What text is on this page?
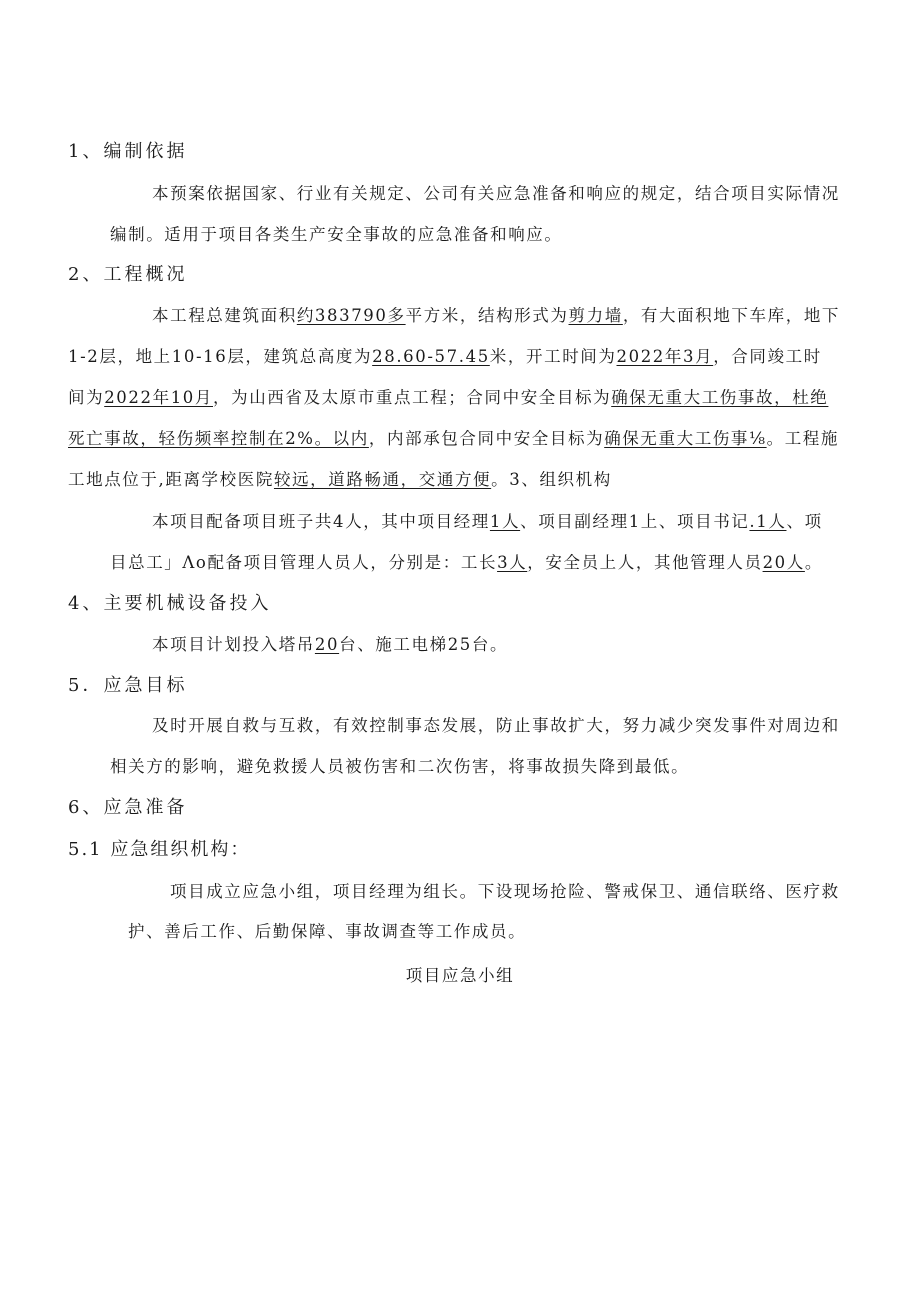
1、编制依据
本预案依据国家、行业有关规定、公司有关应急准备和响应的规定，结合项目实际情况
编制。适用于项目各类生产安全事故的应急准备和响应。
2、工程概况
本工程总建筑面积约383790多平方米，结构形式为剪力墙，有大面积地下车库，地下
1-2层，地上10-16层，建筑总高度为28.60-57.45米，开工时间为2022年3月，合同竣工时
间为2022年10月，为山西省及太原市重点工程；合同中安全目标为确保无重大工伤事故，杜绝
死亡事故，轻伤频率控制在2%。以内，内部承包合同中安全目标为确保无重大工伤事⅛。工程施
工地点位于,距离学校医院较远，道路畅通，交通方便。3、组织机构
本项目配备项目班子共4人，其中项目经理1人、项目副经理1上、项目书记.1人、项
目总工」Λo配备项目管理人员人，分别是：工长3人，安全员上人，其他管理人员20人。
4、主要机械设备投入
本项目计划投入塔吊20台、施工电梯25台。
5．应急目标
及时开展自救与互救，有效控制事态发展，防止事故扩大，努力减少突发事件对周边和
相关方的影响，避免救援人员被伤害和二次伤害，将事故损失降到最低。
6、应急准备
5.1 应急组织机构：
项目成立应急小组，项目经理为组长。下设现场抢险、警戒保卫、通信联络、医疗救
护、善后工作、后勤保障、事故调查等工作成员。
项目应急小组
